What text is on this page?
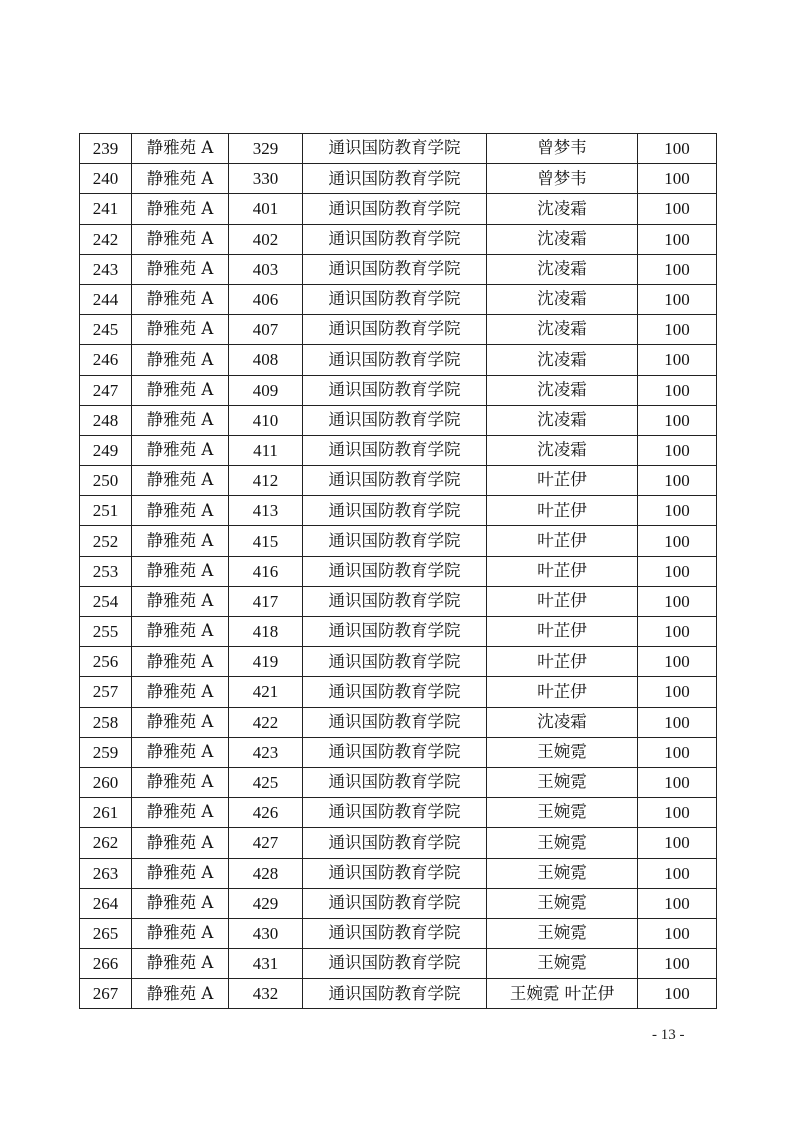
239	静雅苑 A	329	通识国防教育学院	曾梦韦	100
240	静雅苑 A	330	通识国防教育学院	曾梦韦	100
241	静雅苑 A	401	通识国防教育学院	沈凌霜	100
242	静雅苑 A	402	通识国防教育学院	沈凌霜	100
243	静雅苑 A	403	通识国防教育学院	沈凌霜	100
244	静雅苑 A	406	通识国防教育学院	沈凌霜	100
245	静雅苑 A	407	通识国防教育学院	沈凌霜	100
246	静雅苑 A	408	通识国防教育学院	沈凌霜	100
247	静雅苑 A	409	通识国防教育学院	沈凌霜	100
248	静雅苑 A	410	通识国防教育学院	沈凌霜	100
249	静雅苑 A	411	通识国防教育学院	沈凌霜	100
250	静雅苑 A	412	通识国防教育学院	叶芷伊	100
251	静雅苑 A	413	通识国防教育学院	叶芷伊	100
252	静雅苑 A	415	通识国防教育学院	叶芷伊	100
253	静雅苑 A	416	通识国防教育学院	叶芷伊	100
254	静雅苑 A	417	通识国防教育学院	叶芷伊	100
255	静雅苑 A	418	通识国防教育学院	叶芷伊	100
256	静雅苑 A	419	通识国防教育学院	叶芷伊	100
257	静雅苑 A	421	通识国防教育学院	叶芷伊	100
258	静雅苑 A	422	通识国防教育学院	沈凌霜	100
259	静雅苑 A	423	通识国防教育学院	王婉霓	100
260	静雅苑 A	425	通识国防教育学院	王婉霓	100
261	静雅苑 A	426	通识国防教育学院	王婉霓	100
262	静雅苑 A	427	通识国防教育学院	王婉霓	100
263	静雅苑 A	428	通识国防教育学院	王婉霓	100
264	静雅苑 A	429	通识国防教育学院	王婉霓	100
265	静雅苑 A	430	通识国防教育学院	王婉霓	100
266	静雅苑 A	431	通识国防教育学院	王婉霓	100
267	静雅苑 A	432	通识国防教育学院	王婉霓 叶芷伊	100
- 13 -
